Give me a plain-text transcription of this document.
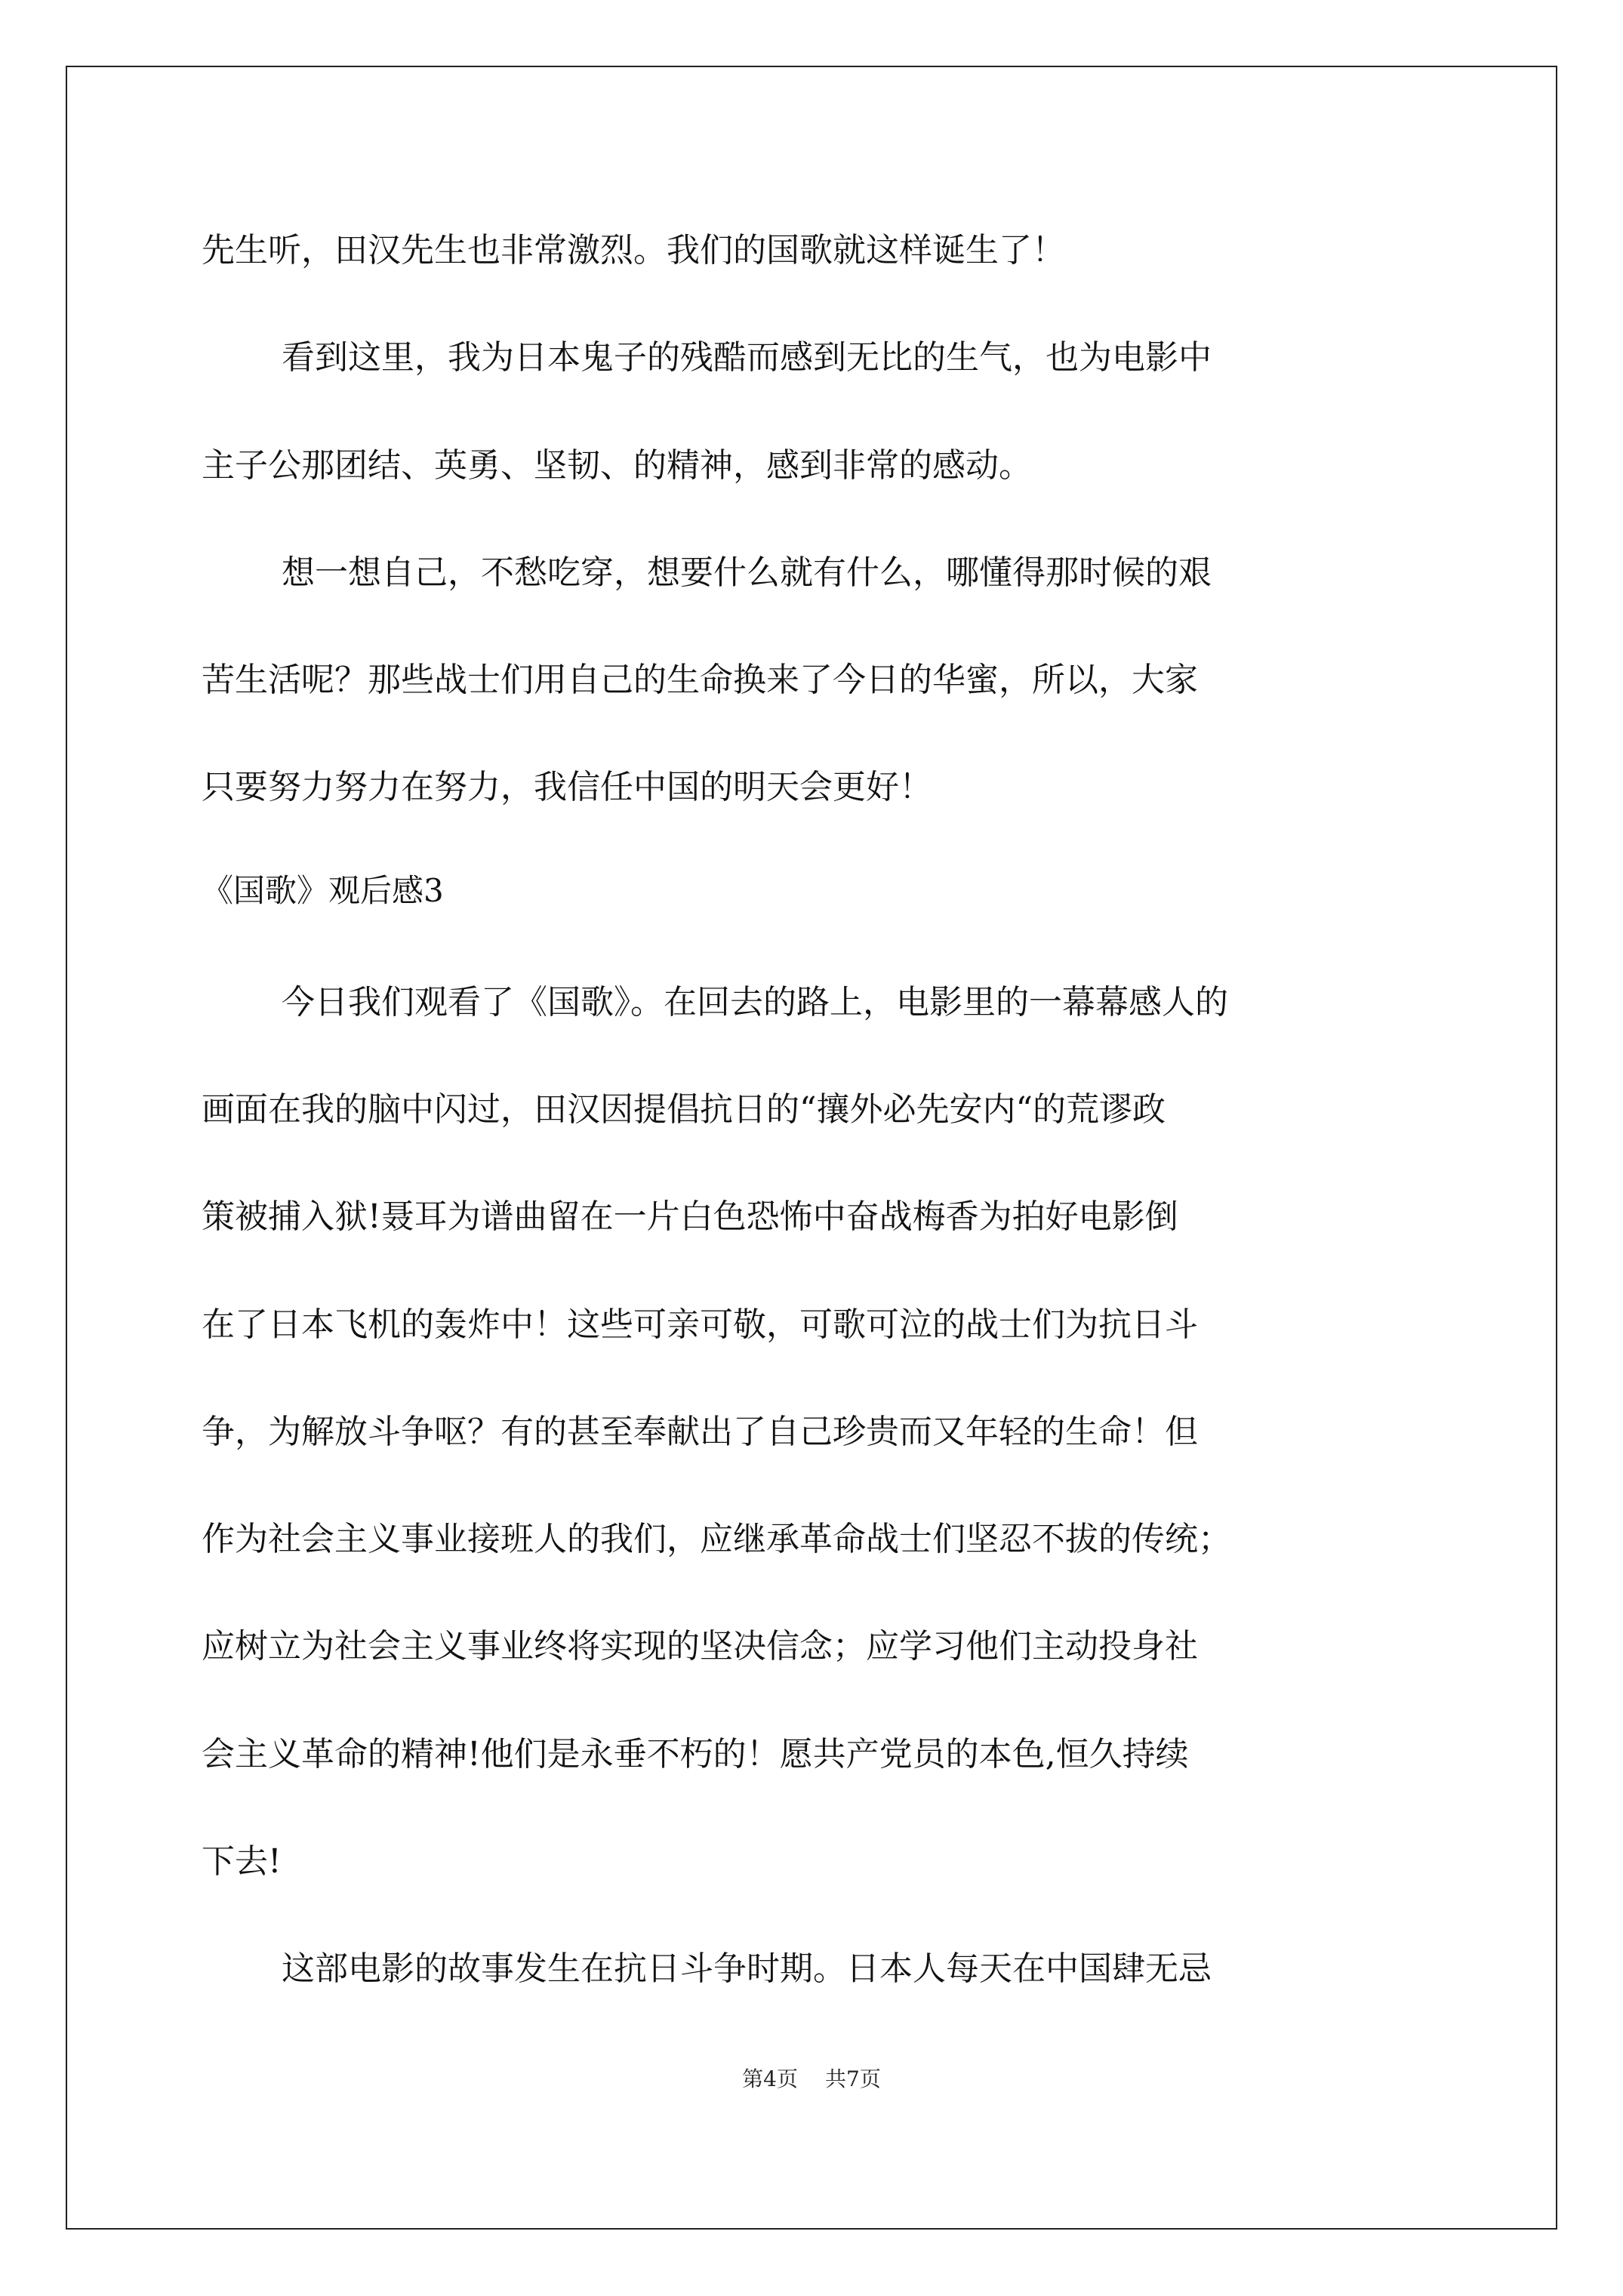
先生听，田汉先生也非常激烈。我们的国歌就这样诞生了！
看到这里，我为日本鬼子的残酷而感到无比的生气，也为电影中
主子公那团结、英勇、坚韧、的精神，感到非常的感动。
想一想自己，不愁吃穿，想要什么就有什么，哪懂得那时候的艰
苦生活呢？那些战士们用自己的生命换来了今日的华蜜，所以，大家
只要努力努力在努力，我信任中国的明天会更好！
《国歌》观后感3
今日我们观看了《国歌》。在回去的路上，电影里的一幕幕感人的
画面在我的脑中闪过，田汉因提倡抗日的“攘外必先安内“的荒谬政
策被捕入狱!聂耳为谱曲留在一片白色恐怖中奋战梅香为拍好电影倒
在了日本飞机的轰炸中！这些可亲可敬，可歌可泣的战士们为抗日斗
争，为解放斗争呕？有的甚至奉献出了自己珍贵而又年轻的生命！但
作为社会主义事业接班人的我们，应继承革命战士们坚忍不拔的传统；
应树立为社会主义事业终将实现的坚决信念；应学习他们主动投身社
会主义革命的精神!他们是永垂不朽的！愿共产党员的本色,恒久持续
下去!
这部电影的故事发生在抗日斗争时期。日本人每天在中国肆无忌
第4页 共7页
